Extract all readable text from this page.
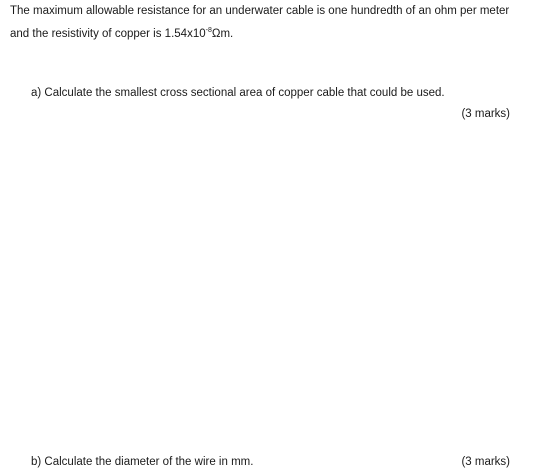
The maximum allowable resistance for an underwater cable is one hundredth of an ohm per meter
and the resistivity of copper is $1.54x10^{-8}\Omega m$.
a) Calculate the smallest cross sectional area of copper cable that could be used.
(3 marks)
b) Calculate the diameter of the wire in mm.	(3 marks)
